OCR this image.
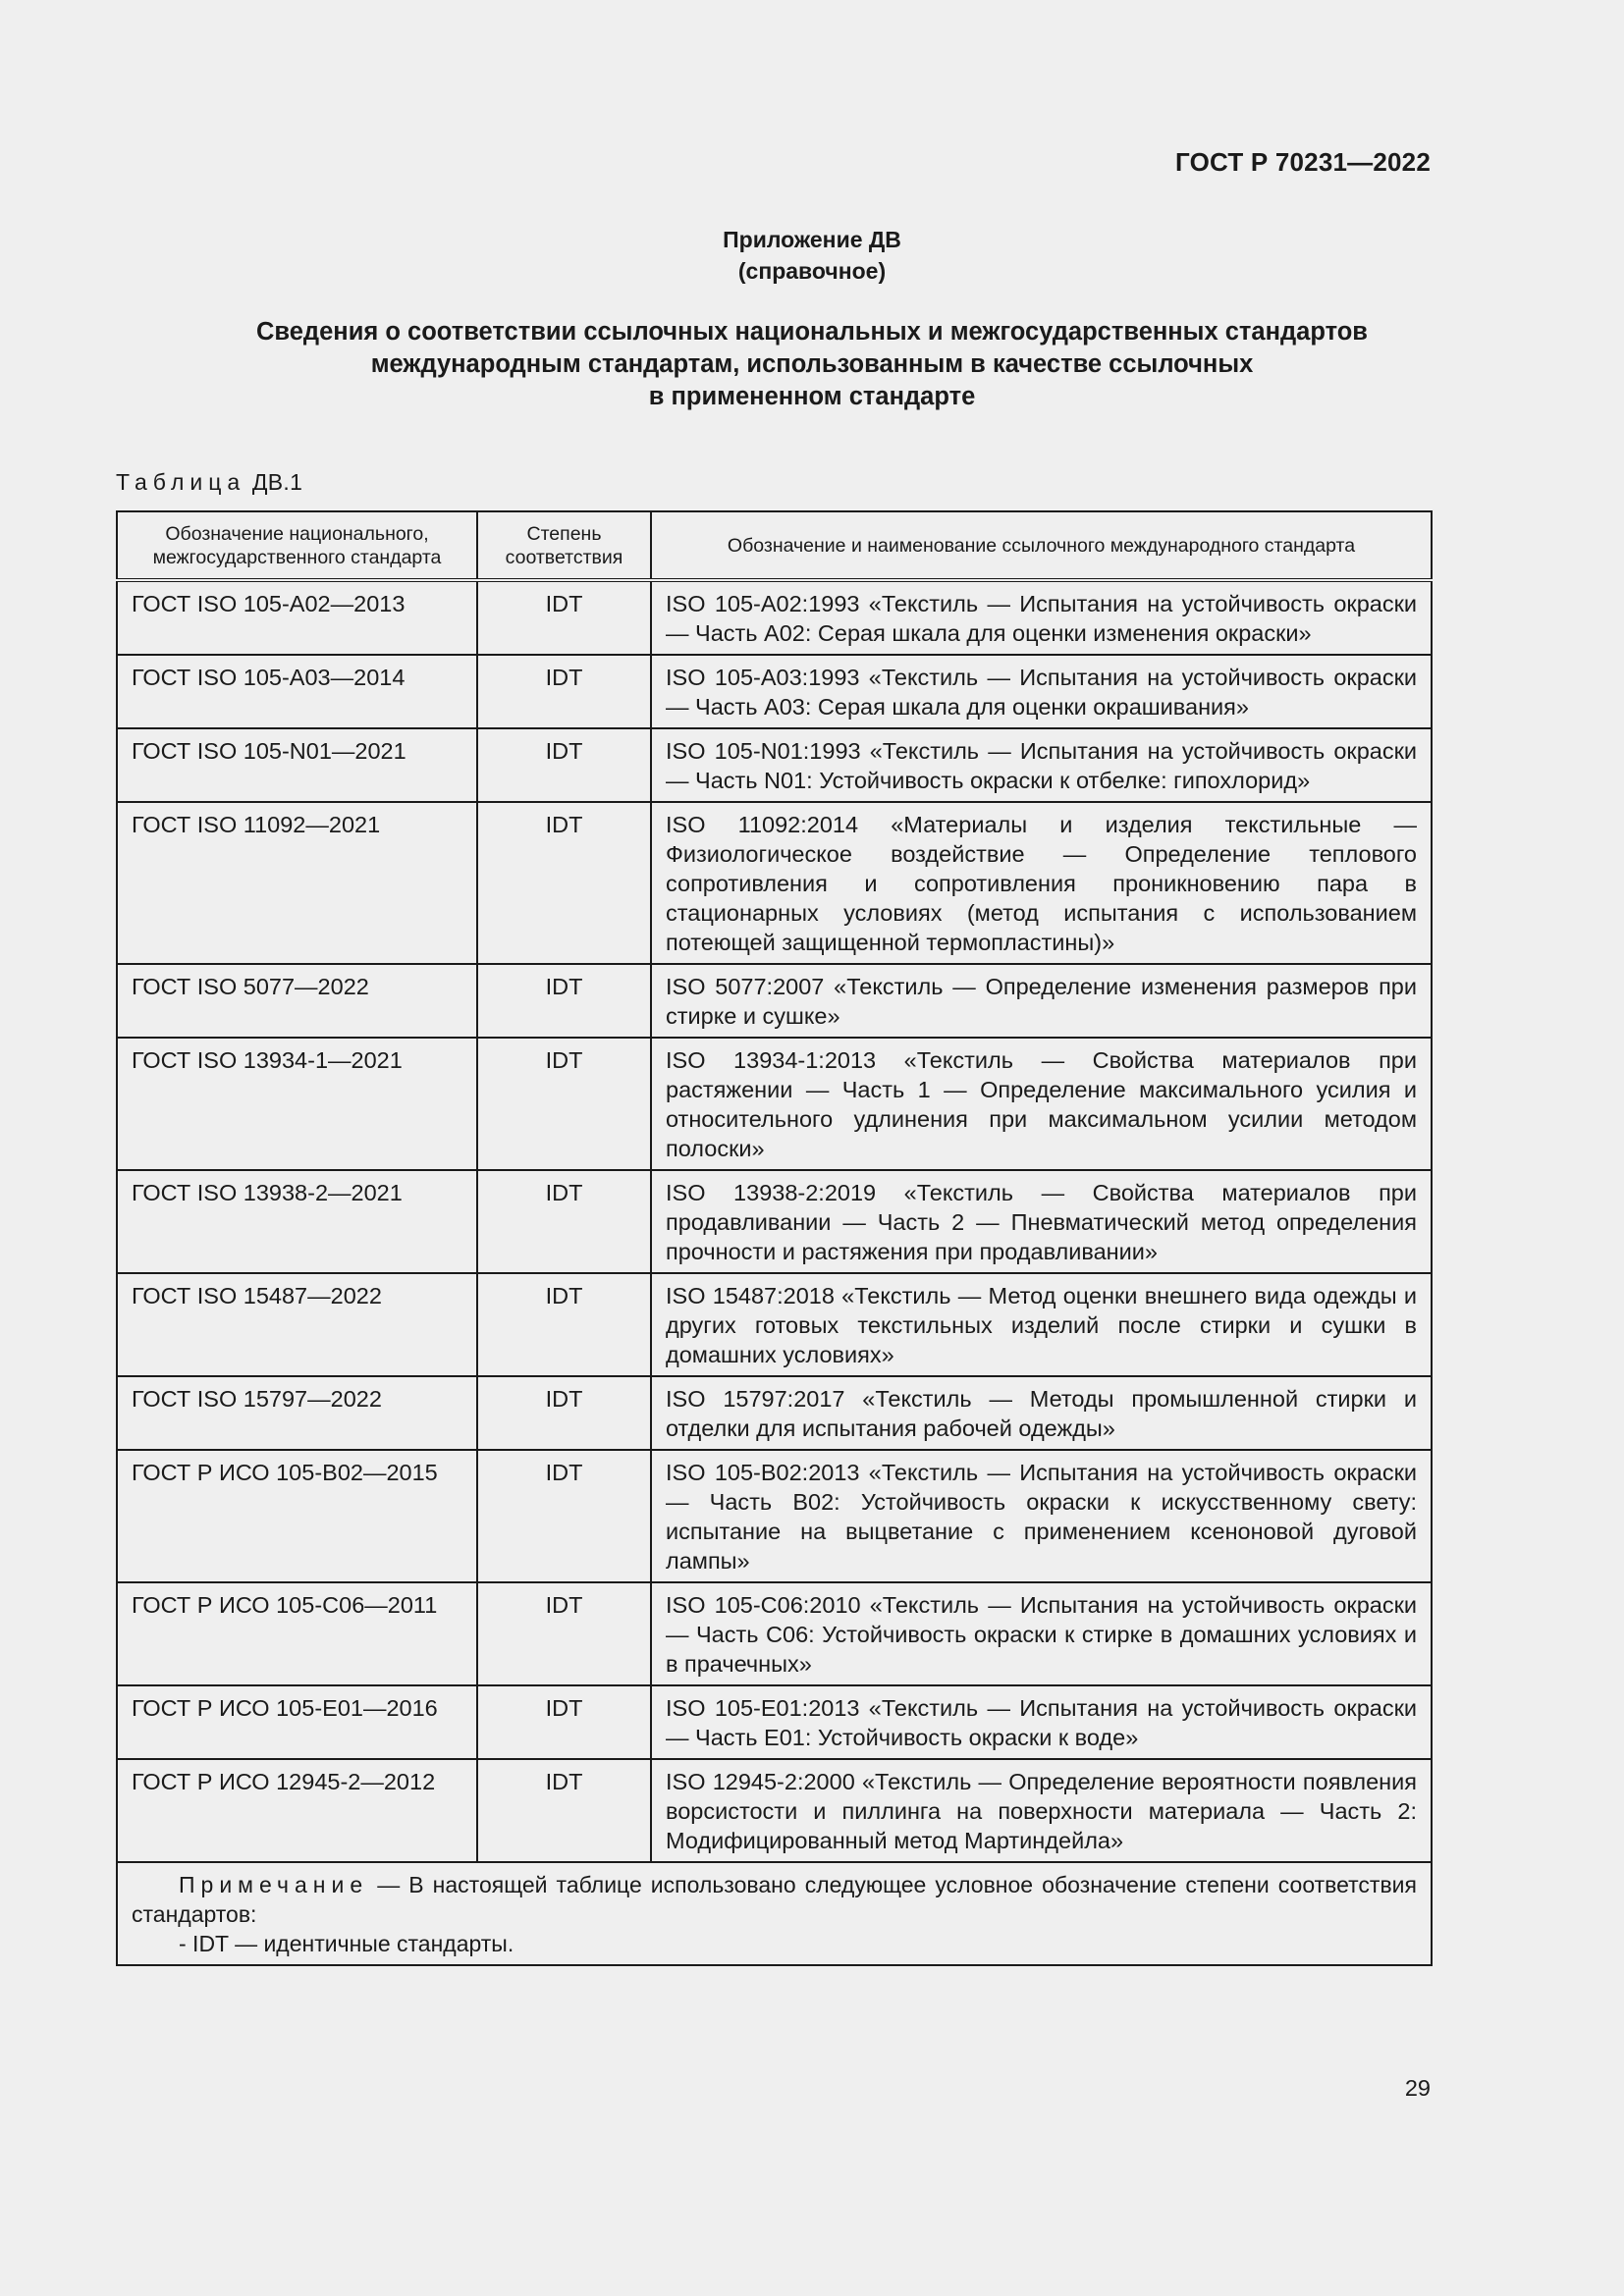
ГОСТ Р 70231—2022
Приложение ДВ
(справочное)
Сведения о соответствии ссылочных национальных и межгосударственных стандартов
международным стандартам, использованным в качестве ссылочных
в примененном стандарте
Таблица ДВ.1
Обозначение национального, межгосударственного стандарта	Степень соответствия	Обозначение и наименование ссылочного международного стандарта
ГОСТ ISO 105-A02—2013	IDT	ISO 105-A02:1993 «Текстиль — Испытания на устойчивость окраски — Часть А02: Серая шкала для оценки изменения окраски»
ГОСТ ISO 105-A03—2014	IDT	ISO 105-A03:1993 «Текстиль — Испытания на устойчивость окраски — Часть А03: Серая шкала для оценки окрашивания»
ГОСТ ISO 105-N01—2021	IDT	ISO 105-N01:1993 «Текстиль — Испытания на устойчивость окраски — Часть N01: Устойчивость окраски к отбелке: гипохлорид»
ГОСТ ISO 11092—2021	IDT	ISO 11092:2014 «Материалы и изделия текстильные — Физиологическое воздействие — Определение теплового сопротивления и сопротивления проникновению пара в стационарных условиях (метод испытания с использованием потеющей защищенной термопластины)»
ГОСТ ISO 5077—2022	IDT	ISO 5077:2007 «Текстиль — Определение изменения размеров при стирке и сушке»
ГОСТ ISO 13934-1—2021	IDT	ISO 13934-1:2013 «Текстиль — Свойства материалов при растяжении — Часть 1 — Определение максимального усилия и относительного удлинения при максимальном усилии методом полоски»
ГОСТ ISO 13938-2—2021	IDT	ISO 13938-2:2019 «Текстиль — Свойства материалов при продавливании — Часть 2 — Пневматический метод определения прочности и растяжения при продавливании»
ГОСТ ISO 15487—2022	IDT	ISO 15487:2018 «Текстиль — Метод оценки внешнего вида одежды и других готовых текстильных изделий после стирки и сушки в домашних условиях»
ГОСТ ISO 15797—2022	IDT	ISO 15797:2017 «Текстиль — Методы промышленной стирки и отделки для испытания рабочей одежды»
ГОСТ Р ИСО 105-В02—2015	IDT	ISO 105-B02:2013 «Текстиль — Испытания на устойчивость окраски — Часть В02: Устойчивость окраски к искусственному свету: испытание на выцветание с применением ксеноновой дуговой лампы»
ГОСТ Р ИСО 105-С06—2011	IDT	ISO 105-C06:2010 «Текстиль — Испытания на устойчивость окраски — Часть С06: Устойчивость окраски к стирке в домашних условиях и в прачечных»
ГОСТ Р ИСО 105-Е01—2016	IDT	ISO 105-E01:2013 «Текстиль — Испытания на устойчивость окраски — Часть Е01: Устойчивость окраски к воде»
ГОСТ Р ИСО 12945-2—2012	IDT	ISO 12945-2:2000 «Текстиль — Определение вероятности появления ворсистости и пиллинга на поверхности материала — Часть 2: Модифицированный метод Мартиндейла»

Примечание — В настоящей таблице использовано следующее условное обозначение степени соответствия стандартов:
- IDT — идентичные стандарты.		
29
